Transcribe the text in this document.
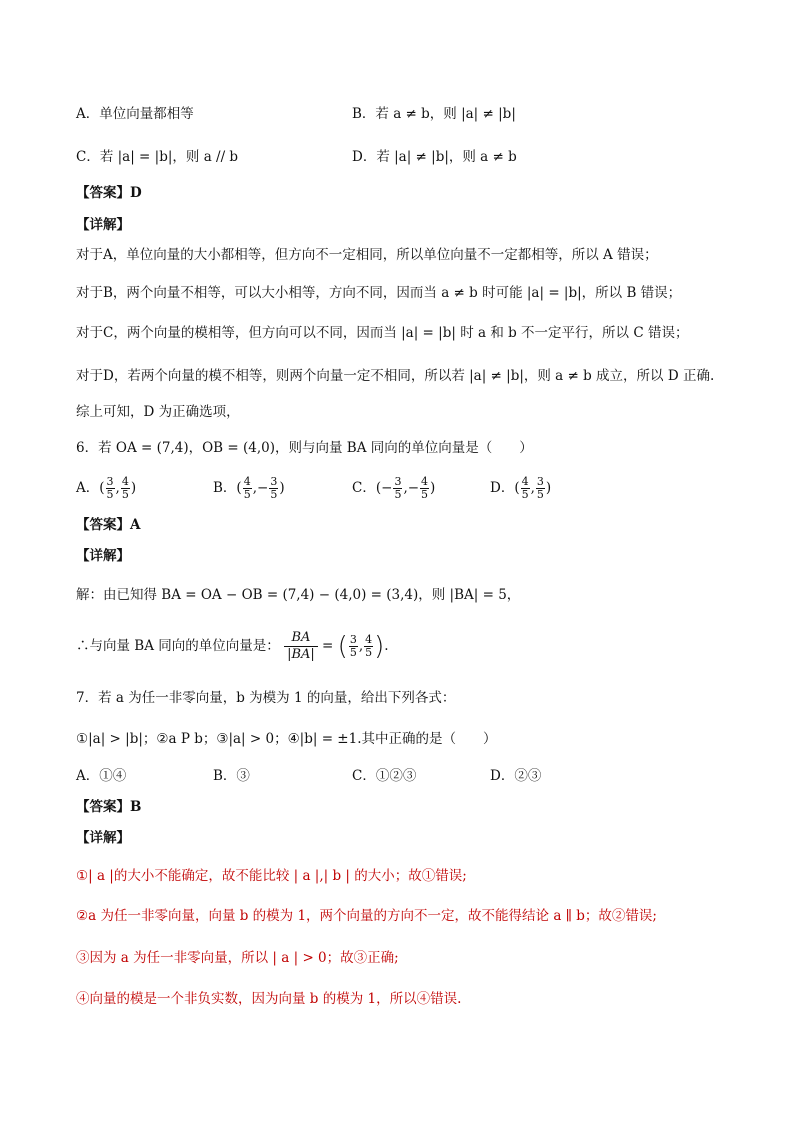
A．单位向量都相等	B．若 a ≠ b，则 |a| ≠ |b|
C．若 |a| = |b|，则 a // b	D．若 |a| ≠ |b|，则 a ≠ b
【答案】D
【详解】
对于A，单位向量的大小都相等，但方向不一定相同，所以单位向量不一定都相等，所以 A 错误；
对于B，两个向量不相等，可以大小相等，方向不同，因而当 a ≠ b 时可能 |a| = |b|，所以 B 错误；
对于C，两个向量的模相等，但方向可以不同，因而当 |a| = |b| 时 a 和 b 不一定平行，所以 C 错误；
对于D，若两个向量的模不相等，则两个向量一定不相同，所以若 |a| ≠ |b|，则 a ≠ b 成立，所以 D 正确.
综上可知，D 为正确选项，
6．若 OA = (7,4)，OB = (4,0)，则与向量 BA 同向的单位向量是（　　）
A．( $\frac{3}{5}$ , $\frac{4}{5}$ )	B．( $\frac{4}{5}$ ,− $\frac{3}{5}$ )	C．(− $\frac{3}{5}$ ,− $\frac{4}{5}$ )	D．( $\frac{4}{5}$ , $\frac{3}{5}$ )
【答案】A
【详解】
解：由已知得 BA = OA − OB = (7,4) − (4,0) = (3,4)，则 |BA| = 5，
∴与向量 BA 同向的单位向量是： $\frac{BA}{|BA|}$ = ( $\frac{3}{5}$ , $\frac{4}{5}$ ).
7．若 a 为任一非零向量，b 为模为 1 的向量，给出下列各式：
①|a| > |b|；②a P b；③|a| > 0；④|b| = ±1.其中正确的是（　　）
A．①④	B．③	C．①②③	D．②③
【答案】B
【详解】
①| a |的大小不能确定，故不能比较 | a |,| b | 的大小；故①错误;
②a 为任一非零向量，向量 b 的模为 1，两个向量的方向不一定，故不能得结论 a ∥ b；故②错误;
③因为 a 为任一非零向量，所以 | a | > 0；故③正确;
④向量的模是一个非负实数，因为向量 b 的模为 1，所以④错误.
